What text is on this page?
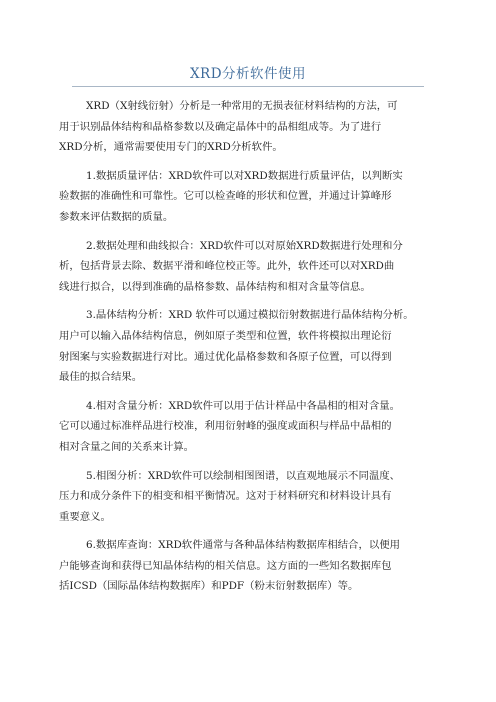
XRD分析软件使用
XRD（X射线衍射）分析是一种常用的无损表征材料结构的方法，可
用于识别晶体结构和晶格参数以及确定晶体中的晶相组成等。为了进行
XRD分析，通常需要使用专门的XRD分析软件。
1.数据质量评估：XRD软件可以对XRD数据进行质量评估，以判断实
验数据的准确性和可靠性。它可以检查峰的形状和位置，并通过计算峰形
参数来评估数据的质量。
2.数据处理和曲线拟合：XRD软件可以对原始XRD数据进行处理和分
析，包括背景去除、数据平滑和峰位校正等。此外，软件还可以对XRD曲
线进行拟合，以得到准确的晶格参数、晶体结构和相对含量等信息。
3.晶体结构分析：XRD 软件可以通过模拟衍射数据进行晶体结构分析。
用户可以输入晶体结构信息，例如原子类型和位置，软件将模拟出理论衍
射图案与实验数据进行对比。通过优化晶格参数和各原子位置，可以得到
最佳的拟合结果。
4.相对含量分析：XRD软件可以用于估计样品中各晶相的相对含量。
它可以通过标准样品进行校准，利用衍射峰的强度或面积与样品中晶相的
相对含量之间的关系来计算。
5.相图分析：XRD软件可以绘制相图图谱，以直观地展示不同温度、
压力和成分条件下的相变和相平衡情况。这对于材料研究和材料设计具有
重要意义。
6.数据库查询：XRD软件通常与各种晶体结构数据库相结合，以便用
户能够查询和获得已知晶体结构的相关信息。这方面的一些知名数据库包
括ICSD（国际晶体结构数据库）和PDF（粉末衍射数据库）等。
